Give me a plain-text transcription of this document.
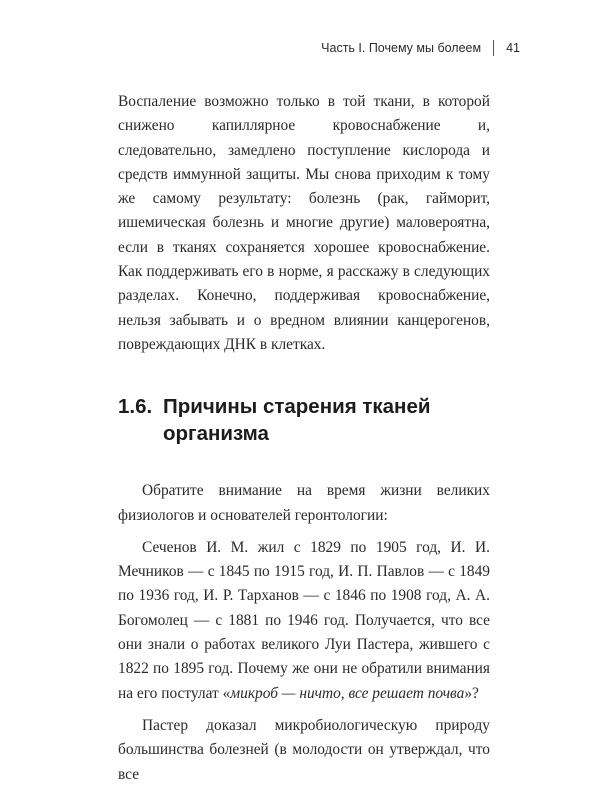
Часть I. Почему мы болеем 41

Воспаление возможно только в той ткани, в которой снижено капиллярное кровоснабжение и, следовательно, замедлено поступление кислорода и средств иммунной защиты. Мы снова приходим к тому же самому результату: болезнь (рак, гайморит, ишемическая болезнь и многие другие) маловероятна, если в тканях сохраняется хорошее кровоснабжение. Как поддерживать его в норме, я расскажу в следующих разделах. Конечно, поддерживая кровоснабжение, нельзя забывать и о вредном влиянии канцерогенов, повреждающих ДНК в клетках.

1.6. Причины старения тканей организма

Обратите внимание на время жизни великих физиологов и основателей геронтологии:

Сеченов И. М. жил с 1829 по 1905 год, И. И. Мечников — с 1845 по 1915 год, И. П. Павлов — с 1849 по 1936 год, И. Р. Тарханов — с 1846 по 1908 год, А. А. Богомолец — с 1881 по 1946 год. Получается, что все они знали о работах великого Луи Пастера, жившего с 1822 по 1895 год. Почему же они не обратили внимания на его постулат «микроб — ничто, все решает почва»?

Пастер доказал микробиологическую природу большинства болезней (в молодости он утверждал, что все
